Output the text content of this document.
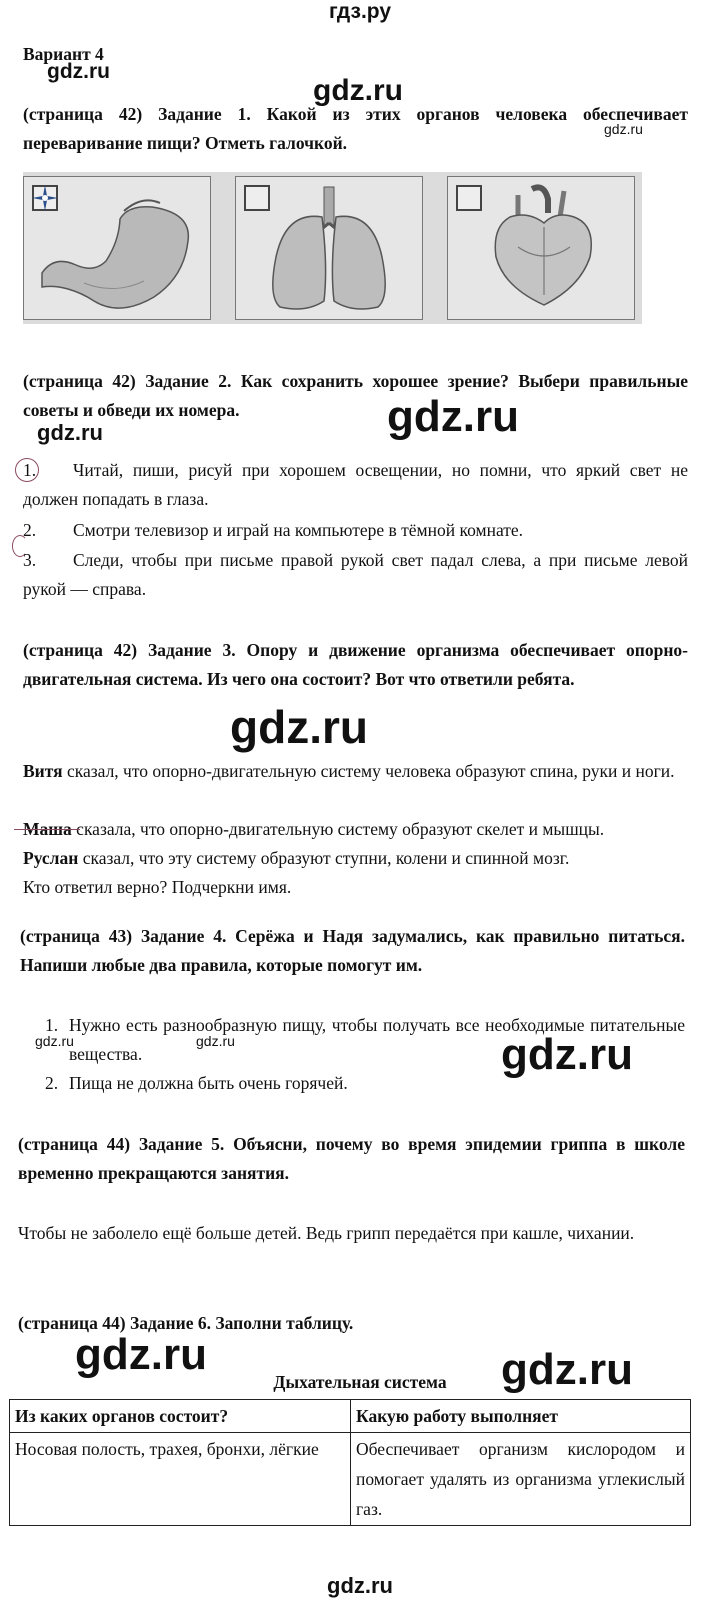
гдз.ру
Вариант 4
gdz.ru
gdz.ru
gdz.ru
(страница 42) Задание 1. Какой из этих органов человека обеспечивает переваривание пищи? Отметь галочкой.
(страница 42) Задание 2. Как сохранить хорошее зрение? Выбери правильные советы и обведи их номера.	gdz.ru
gdz.ru
1. Читай, пиши, рисуй при хорошем освещении, но помни, что яркий свет не должен попадать в глаза.
2. Смотри телевизор и играй на компьютере в тёмной комнате.
3. Следи, чтобы при письме правой рукой свет падал слева, а при письме левой рукой — справа.
(страница 42) Задание 3. Опору и движение организма обеспечивает опорно-двигательная система. Из чего она состоит? Вот что ответили ребята.
gdz.ru
Витя сказал, что опорно-двигательную систему человека образуют спина, руки и ноги.
Маша сказала, что опорно-двигательную систему образуют скелет и мышцы.
Руслан сказал, что эту систему образуют ступни, колени и спинной мозг.
Кто ответил верно? Подчеркни имя.
(страница 43) Задание 4. Серёжа и Надя задумались, как правильно питаться. Напиши любые два правила, которые помогут им.
1. Нужно есть разнообразную пищу, чтобы получать все необходимые питательные вещества.
2. Пища не должна быть очень горячей.
gdz.ru	gdz.ru	gdz.ru
(страница 44) Задание 5. Объясни, почему во время эпидемии гриппа в школе временно прекращаются занятия.
Чтобы не заболело ещё больше детей. Ведь грипп передаётся при кашле, чихании.
(страница 44) Задание 6. Заполни таблицу.
gdz.ru	gdz.ru
Дыхательная система
Из каких органов состоит?	Какую работу выполняет
Носовая полость, трахея, бронхи, лёгкие	Обеспечивает организм кислородом и помогает удалять из организма углекислый газ.
gdz.ru
